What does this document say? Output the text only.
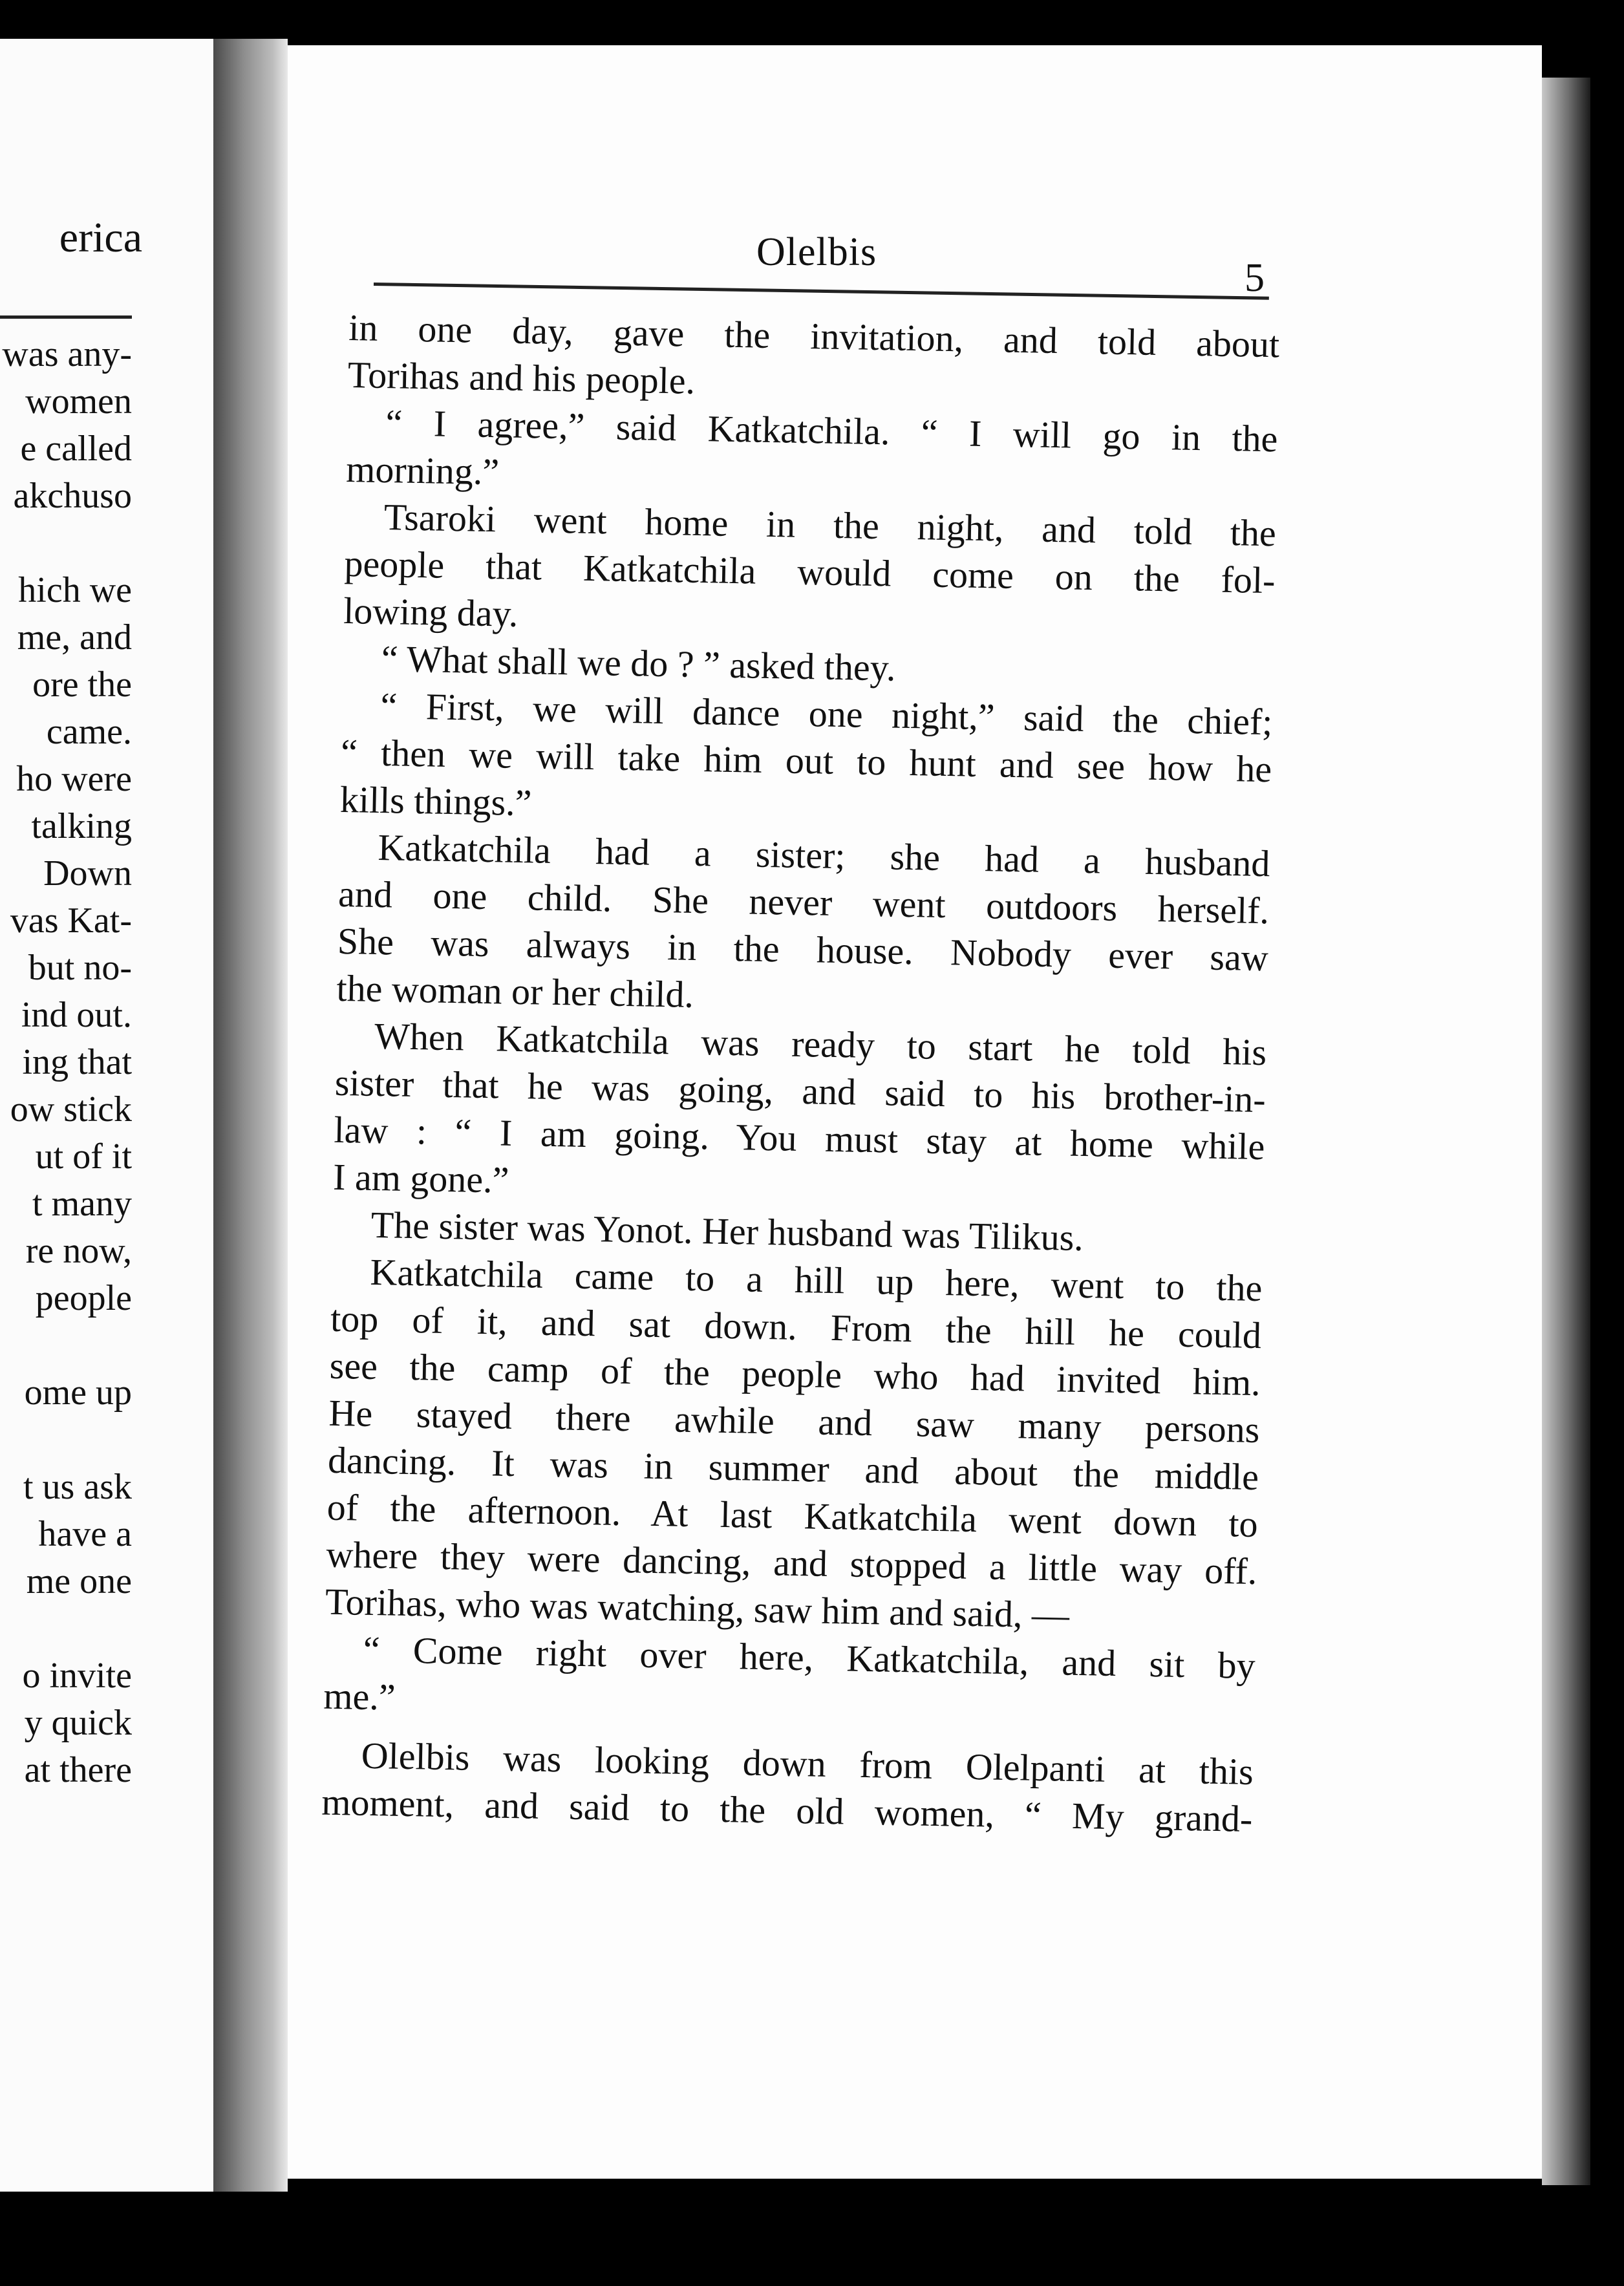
erica
was any-
women
e called
akchuso
hich we
me, and
ore the
came.
ho were
talking
Down
vas Kat-
but no-
ind out.
ing that
ow stick
ut of it
t many
re now,
people
ome up
t us ask
have a
me one
o invite
y quick
at there
Olelbis
5
in one day, gave the invitation, and told about
Torihas and his people.
“ I agree,” said Katkatchila. “ I will go in the
morning.”
Tsaroki went home in the night, and told the
people that Katkatchila would come on the fol-
lowing day.
“ What shall we do ? ” asked they.
“ First, we will dance one night,” said the chief;
“ then we will take him out to hunt and see how he
kills things.”
Katkatchila had a sister; she had a husband
and one child. She never went outdoors herself.
She was always in the house. Nobody ever saw
the woman or her child.
When Katkatchila was ready to start he told his
sister that he was going, and said to his brother-in-
law : “ I am going. You must stay at home while
I am gone.”
The sister was Yonot. Her husband was Tilikus.
Katkatchila came to a hill up here, went to the
top of it, and sat down. From the hill he could
see the camp of the people who had invited him.
He stayed there awhile and saw many persons
dancing. It was in summer and about the middle
of the afternoon. At last Katkatchila went down to
where they were dancing, and stopped a little way off.
Torihas, who was watching, saw him and said, —
“ Come right over here, Katkatchila, and sit by
me.”
Olelbis was looking down from Olelpanti at this
moment, and said to the old women, “ My grand-
